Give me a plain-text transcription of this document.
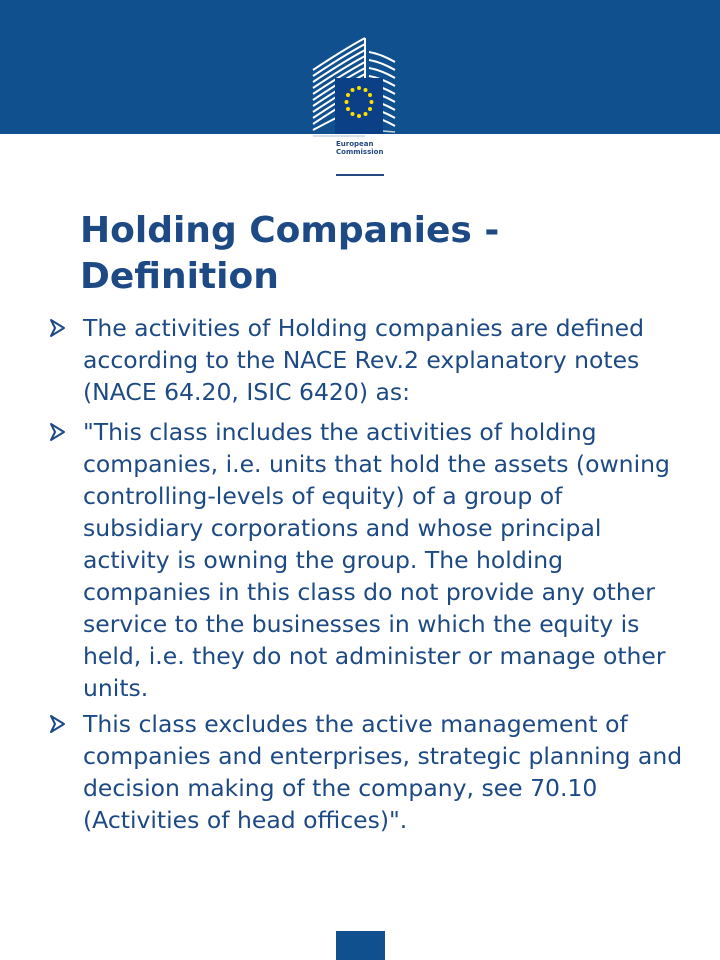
European
Commission
Holding Companies -
Definition
The activities of Holding companies are defined according to the NACE Rev.2 explanatory notes (NACE 64.20, ISIC 6420) as:
"This class includes the activities of holding companies, i.e. units that hold the assets (owning controlling-levels of equity) of a group of subsidiary corporations and whose principal activity is owning the group. The holding companies in this class do not provide any other service to the businesses in which the equity is held, i.e. they do not administer or manage other units.
This class excludes the active management of companies and enterprises, strategic planning and decision making of the company, see 70.10 (Activities of head offices)".
